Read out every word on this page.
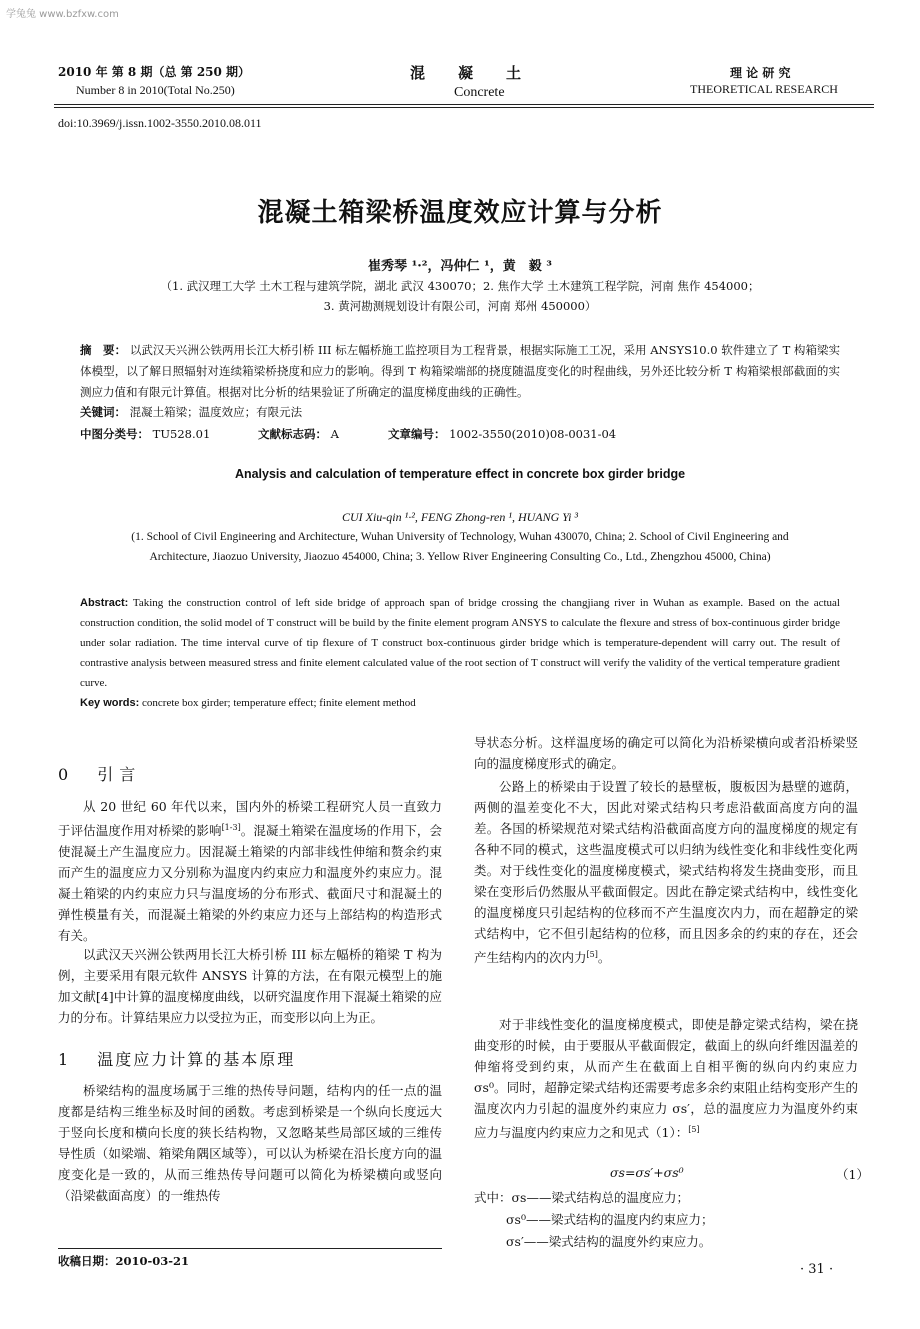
学兔兔 www.bzfxw.com
2010 年 第 8 期（总 第 250 期）
Number 8 in 2010(Total No.250)
混　　凝　　土
Concrete
理 论 研 究
THEORETICAL RESEARCH
doi:10.3969/j.issn.1002-3550.2010.08.011
混凝土箱梁桥温度效应计算与分析
崔秀琴 ¹·²，冯仲仁 ¹，黄　毅 ³
（1. 武汉理工大学 土木工程与建筑学院，湖北 武汉 430070；2. 焦作大学 土木建筑工程学院，河南 焦作 454000；
3. 黄河勘测规划设计有限公司，河南 郑州 450000）
摘　要： 以武汉天兴洲公铁两用长江大桥引桥 III 标左幅桥施工监控项目为工程背景，根据实际施工工况，采用 ANSYS10.0 软件建立了 T 构箱梁实体模型，以了解日照辐射对连续箱梁桥挠度和应力的影响。得到 T 构箱梁端部的挠度随温度变化的时程曲线，另外还比较分析 T 构箱梁根部截面的实测应力值和有限元计算值。根据对比分析的结果验证了所确定的温度梯度曲线的正确性。
关键词： 混凝土箱梁；温度效应；有限元法
中图分类号： TU528.01	文献标志码： A	文章编号： 1002-3550(2010)08-0031-04
Analysis and calculation of temperature effect in concrete box girder bridge
CUI Xiu-qin ¹·², FENG Zhong-ren ¹, HUANG Yi ³
(1. School of Civil Engineering and Architecture, Wuhan University of Technology, Wuhan 430070, China; 2. School of Civil Engineering and
Architecture, Jiaozuo University, Jiaozuo 454000, China; 3. Yellow River Engineering Consulting Co., Ltd., Zhengzhou 45000, China)
Abstract: Taking the construction control of left side bridge of approach span of bridge crossing the changjiang river in Wuhan as example. Based on the actual construction condition, the solid model of T construct will be build by the finite element program ANSYS to calculate the flexure and stress of box-continuous girder bridge under solar radiation. The time interval curve of tip flexure of T construct box-continuous girder bridge which is temperature-dependent will carry out. The result of contrastive analysis between measured stress and finite element calculated value of the root section of T construct will verify the validity of the vertical temperature gradient curve.
Key words: concrete box girder; temperature effect; finite element method
0 引言
从 20 世纪 60 年代以来，国内外的桥梁工程研究人员一直致力于评估温度作用对桥梁的影响[1-3]。混凝土箱梁在温度场的作用下，会使混凝土产生温度应力。因混凝土箱梁的内部非线性伸缩和赘余约束而产生的温度应力又分别称为温度内约束应力和温度外约束应力。混凝土箱梁的内约束应力只与温度场的分布形式、截面尺寸和混凝土的弹性模量有关，而混凝土箱梁的外约束应力还与上部结构的构造形式有关。
以武汉天兴洲公铁两用长江大桥引桥 III 标左幅桥的箱梁 T 构为例，主要采用有限元软件 ANSYS 计算的方法，在有限元模型上的施加文献[4]中计算的温度梯度曲线，以研究温度作用下混凝土箱梁的应力的分布。计算结果应力以受拉为正，而变形以向上为正。
1 温度应力计算的基本原理
桥梁结构的温度场属于三维的热传导问题，结构内的任一点的温度都是结构三维坐标及时间的函数。考虑到桥梁是一个纵向长度远大于竖向长度和横向长度的狭长结构物，又忽略某些局部区域的三维传导性质（如梁端、箱梁角隅区域等），可以认为桥梁在沿长度方向的温度变化是一致的，从而三维热传导问题可以简化为桥梁横向或竖向（沿梁截面高度）的一维热传
收稿日期：2010-03-21
导状态分析。这样温度场的确定可以简化为沿桥梁横向或者沿桥梁竖向的温度梯度形式的确定。
公路上的桥梁由于设置了较长的悬壁板，腹板因为悬壁的遮荫，两侧的温差变化不大，因此对梁式结构只考虑沿截面高度方向的温差。各国的桥梁规范对梁式结构沿截面高度方向的温度梯度的规定有各种不同的模式，这些温度模式可以归纳为线性变化和非线性变化两类。对于线性变化的温度梯度模式，梁式结构将发生挠曲变形，而且梁在变形后仍然服从平截面假定。因此在静定梁式结构中，线性变化的温度梯度只引起结构的位移而不产生温度次内力，而在超静定的梁式结构中，它不但引起结构的位移，而且因多余的约束的存在，还会产生结构内的次内力[5]。
对于非线性变化的温度梯度模式，即使是静定梁式结构，梁在挠曲变形的时候，由于要服从平截面假定，截面上的纵向纤维因温差的伸缩将受到约束，从而产生在截面上自相平衡的纵向内约束应力 σs⁰。同时，超静定梁式结构还需要考虑多余约束阻止结构变形产生的温度次内力引起的温度外约束应力 σs′，总的温度应力为温度外约束应力与温度内约束应力之和见式（1）：[5]
σs=σs′+σs⁰	（1）
式中：σs——梁式结构总的温度应力；
σs⁰——梁式结构的温度内约束应力；
σs′——梁式结构的温度外约束应力。
· 31 ·
